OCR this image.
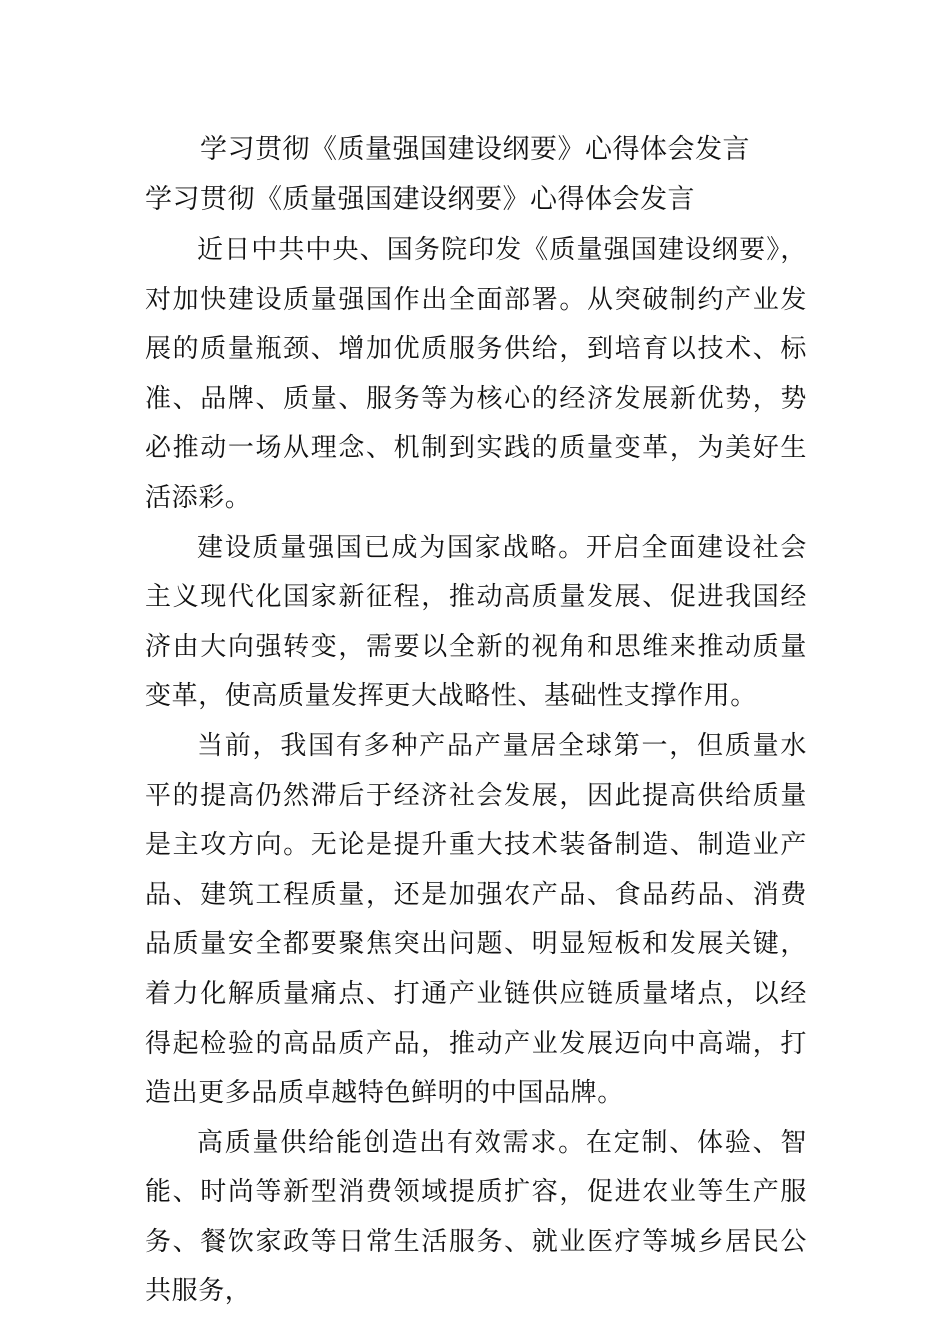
学习贯彻《质量强国建设纲要》心得体会发言
学习贯彻《质量强国建设纲要》心得体会发言

近日中共中央、国务院印发《质量强国建设纲要》，对加快建设质量强国作出全面部署。从突破制约产业发展的质量瓶颈、增加优质服务供给，到培育以技术、标准、品牌、质量、服务等为核心的经济发展新优势，势必推动一场从理念、机制到实践的质量变革，为美好生活添彩。

建设质量强国已成为国家战略。开启全面建设社会主义现代化国家新征程，推动高质量发展、促进我国经济由大向强转变，需要以全新的视角和思维来推动质量变革，使高质量发挥更大战略性、基础性支撑作用。

当前，我国有多种产品产量居全球第一，但质量水平的提高仍然滞后于经济社会发展，因此提高供给质量是主攻方向。无论是提升重大技术装备制造、制造业产品、建筑工程质量，还是加强农产品、食品药品、消费品质量安全都要聚焦突出问题、明显短板和发展关键，着力化解质量痛点、打通产业链供应链质量堵点，以经得起检验的高品质产品，推动产业发展迈向中高端，打造出更多品质卓越特色鲜明的中国品牌。

高质量供给能创造出有效需求。在定制、体验、智能、时尚等新型消费领域提质扩容，促进农业等生产服务、餐饮家政等日常生活服务、就业医疗等城乡居民公共服务，
